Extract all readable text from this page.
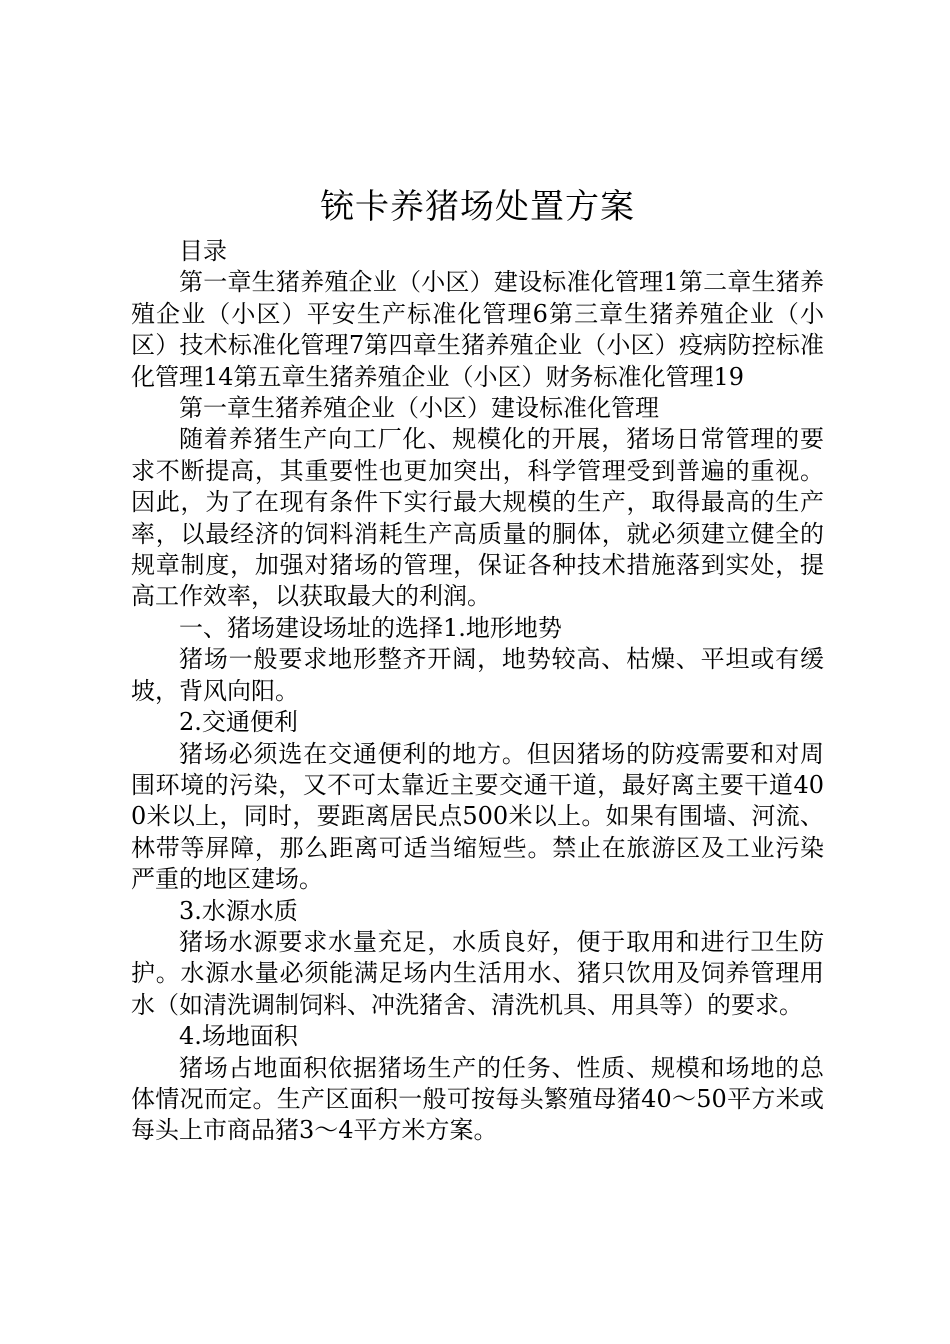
铳卡养猪场处置方案

目录

第一章生猪养殖企业（小区）建设标准化管理1第二章生猪养殖企业（小区）平安生产标准化管理6第三章生猪养殖企业（小区）技术标准化管理7第四章生猪养殖企业（小区）疫病防控标准化管理14第五章生猪养殖企业（小区）财务标准化管理19

第一章生猪养殖企业（小区）建设标准化管理

随着养猪生产向工厂化、规模化的开展，猪场日常管理的要求不断提高，其重要性也更加突出，科学管理受到普遍的重视。因此，为了在现有条件下实行最大规模的生产，取得最高的生产率，以最经济的饲料消耗生产高质量的胴体，就必须建立健全的规章制度，加强对猪场的管理，保证各种技术措施落到实处，提高工作效率，以获取最大的利润。

一、猪场建设场址的选择1.地形地势

猪场一般要求地形整齐开阔，地势较高、枯燥、平坦或有缓坡，背风向阳。

2.交通便利

猪场必须选在交通便利的地方。但因猪场的防疫需要和对周围环境的污染，又不可太靠近主要交通干道，最好离主要干道400米以上，同时，要距离居民点500米以上。如果有围墙、河流、林带等屏障，那么距离可适当缩短些。禁止在旅游区及工业污染严重的地区建场。

3.水源水质

猪场水源要求水量充足，水质良好，便于取用和进行卫生防护。水源水量必须能满足场内生活用水、猪只饮用及饲养管理用水（如清洗调制饲料、冲洗猪舍、清洗机具、用具等）的要求。

4.场地面积

猪场占地面积依据猪场生产的任务、性质、规模和场地的总体情况而定。生产区面积一般可按每头繁殖母猪40～50平方米或每头上市商品猪3～4平方米方案。
